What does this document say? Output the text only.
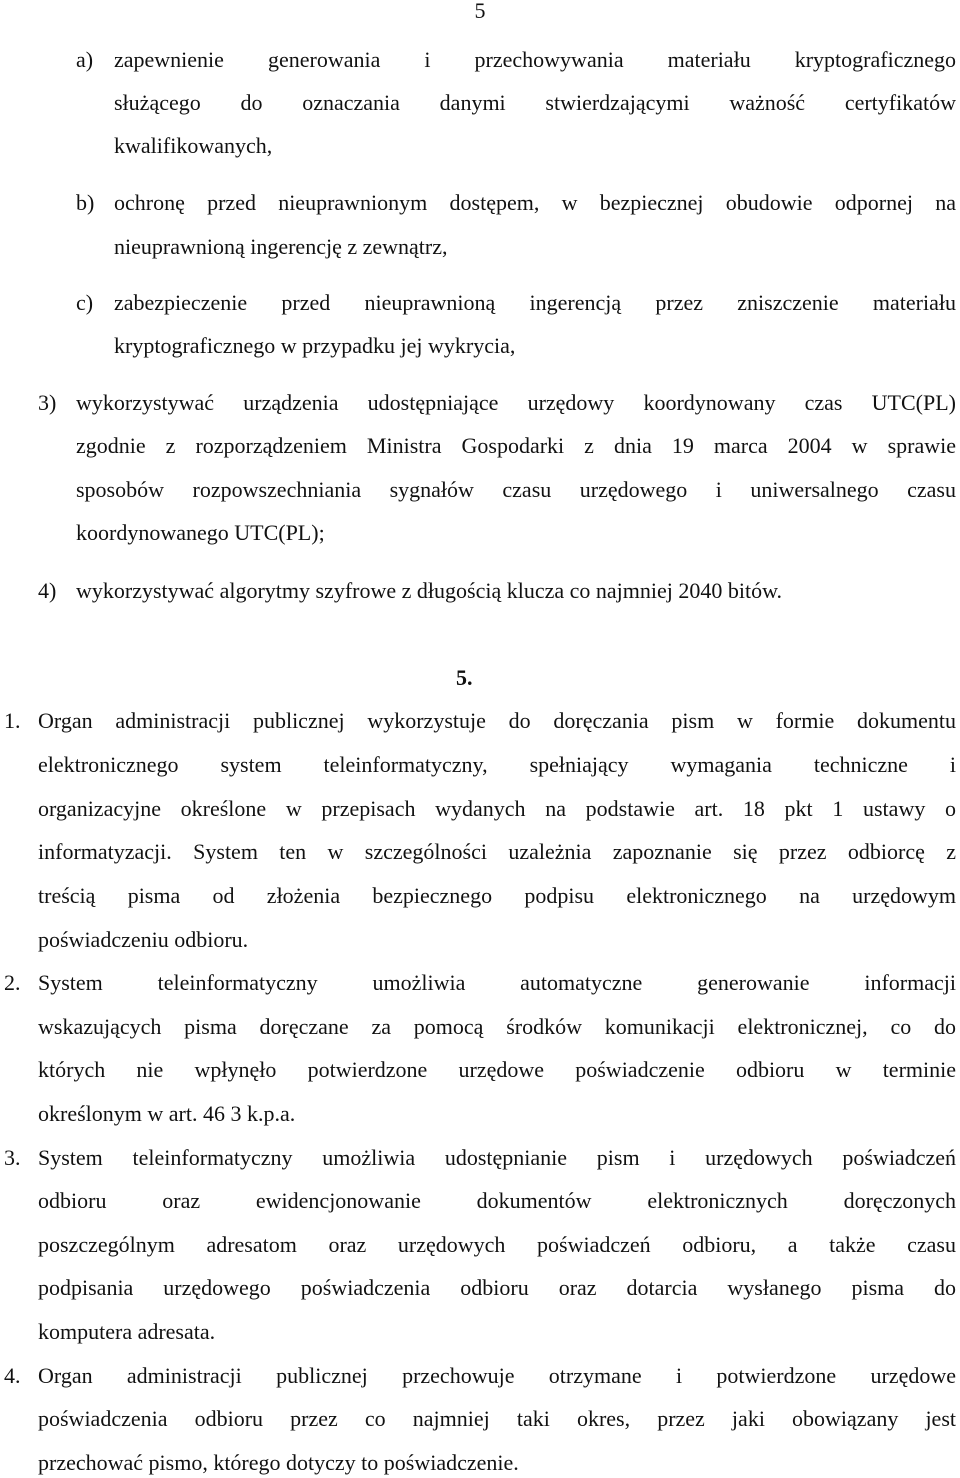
5
a) zapewnienie generowania i przechowywania materiału kryptograficznego
służącego do oznaczania danymi stwierdzającymi ważność certyfikatów
kwalifikowanych,
b) ochronę przed nieuprawnionym dostępem, w bezpiecznej obudowie odpornej na
nieuprawnioną ingerencję z zewnątrz,
c) zabezpieczenie przed nieuprawnioną ingerencją przez zniszczenie materiału
kryptograficznego w przypadku jej wykrycia,
3) wykorzystywać urządzenia udostępniające urzędowy koordynowany czas UTC(PL)
zgodnie z rozporządzeniem Ministra Gospodarki z dnia 19 marca 2004 w sprawie
sposobów rozpowszechniania sygnałów czasu urzędowego i uniwersalnego czasu
koordynowanego UTC(PL);
4) wykorzystywać algorytmy szyfrowe z długością klucza co najmniej 2040 bitów.
5.
1. Organ administracji publicznej wykorzystuje do doręczania pism w formie dokumentu
elektronicznego system teleinformatyczny, spełniający wymagania techniczne i
organizacyjne określone w przepisach wydanych na podstawie art. 18 pkt 1 ustawy o
informatyzacji. System ten w szczególności uzależnia zapoznanie się przez odbiorcę z
treścią pisma od złożenia bezpiecznego podpisu elektronicznego na urzędowym
poświadczeniu odbioru.
2. System teleinformatyczny umożliwia automatyczne generowanie informacji
wskazujących pisma doręczane za pomocą środków komunikacji elektronicznej, co do
których nie wpłynęło potwierdzone urzędowe poświadczenie odbioru w terminie
określonym w art. 46 3 k.p.a.
3. System teleinformatyczny umożliwia udostępnianie pism i urzędowych poświadczeń
odbioru oraz ewidencjonowanie dokumentów elektronicznych doręczonych
poszczególnym adresatom oraz urzędowych poświadczeń odbioru, a także czasu
podpisania urzędowego poświadczenia odbioru oraz dotarcia wysłanego pisma do
komputera adresata.
4. Organ administracji publicznej przechowuje otrzymane i potwierdzone urzędowe
poświadczenia odbioru przez co najmniej taki okres, przez jaki obowiązany jest
przechować pismo, którego dotyczy to poświadczenie.
